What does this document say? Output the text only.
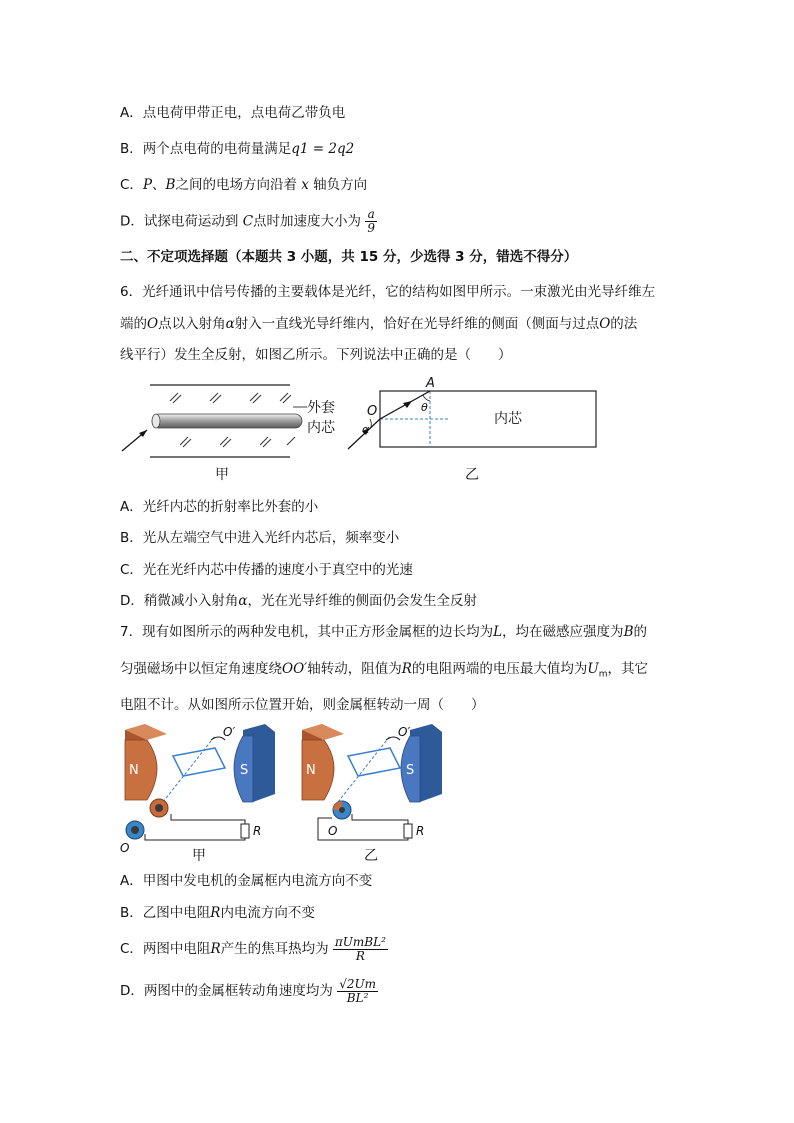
A．点电荷甲带正电，点电荷乙带负电
B．两个点电荷的电荷量满足q1 = 2q2
C．P、B之间的电场方向沿着 x 轴负方向
D．试探电荷运动到 C点时加速度大小为 $\frac{a}{9}$
二、不定项选择题（本题共 3 小题，共 15 分，少选得 3 分，错选不得分）
6．光纤通讯中信号传播的主要载体是光纤，它的结构如图甲所示。一束激光由光导纤维左
端的O点以入射角α射入一直线光导纤维内，恰好在光导纤维的侧面（侧面与过点O的法
线平行）发生全反射，如图乙所示。下列说法中正确的是（　　）
外套
内芯
甲
A
O	θ
α
内芯
乙
A．光纤内芯的折射率比外套的小
B．光从左端空气中进入光纤内芯后，频率变小
C．光在光纤内芯中传播的速度小于真空中的光速
D．稍微减小入射角α，光在光导纤维的侧面仍会发生全反射
7．现有如图所示的两种发电机，其中正方形金属框的边长均为L，均在磁感应强度为B的
匀强磁场中以恒定角速度绕OO′轴转动，阻值为R的电阻两端的电压最大值均为$U_m$，其它
电阻不计。从如图所示位置开始，则金属框转动一周（　　）
N	S
O′
R
O	甲
N	S
O′
R
O
乙
A．甲图中发电机的金属框内电流方向不变
B．乙图中电阻R内电流方向不变
C．两图中电阻R产生的焦耳热均为 $\frac{\text{πUmBL²}}{R}$
D．两图中的金属框转动角速度均为 $\frac{√2Um}{\text{BL²}}$
